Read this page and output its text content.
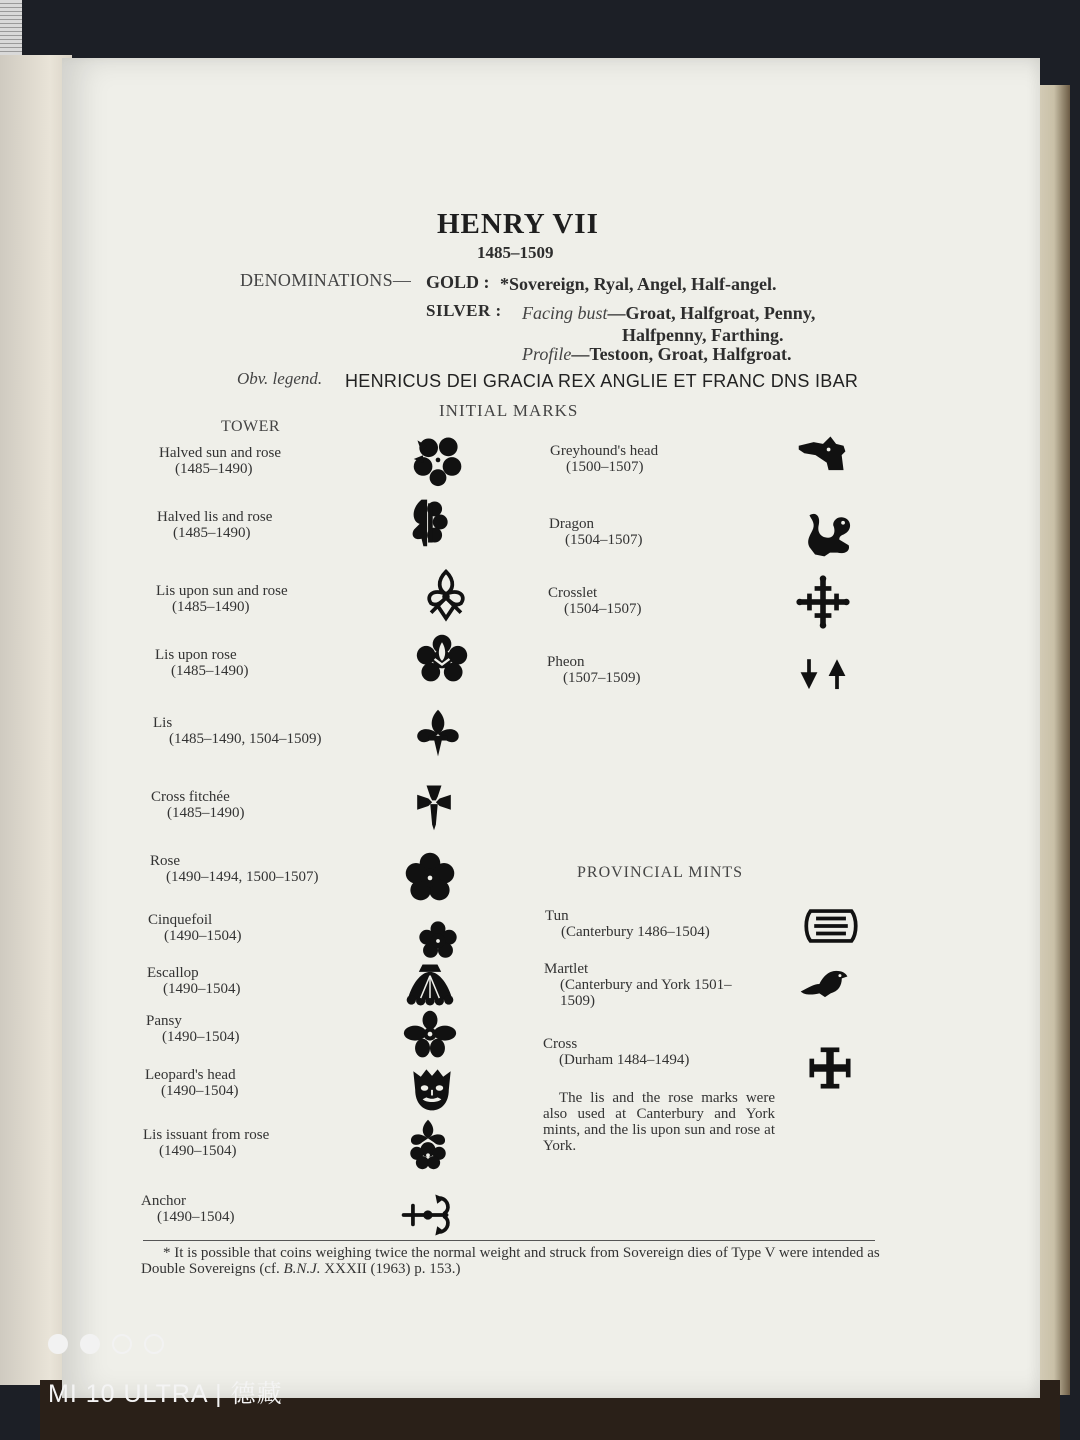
HENRY VII
1485–1509
DENOMINATIONS— GOLD : *Sovereign, Ryal, Angel, Half-angel.
SILVER : Facing bust—Groat, Halfgroat, Penny,
Halfpenny, Farthing.
Profile—Testoon, Groat, Halfgroat.
Obv. legend. HENRICUS DEI GRACIA REX ANGLIE ET FRANC DNS IBAR
INITIAL MARKS
TOWER
PROVINCIAL MINTS
Halved sun and rose
(1485–1490)
Halved lis and rose
(1485–1490)
Lis upon sun and rose
(1485–1490)
Lis upon rose
(1485–1490)
Lis
(1485–1490, 1504–1509)
Cross fitchée
(1485–1490)
Rose
(1490–1494, 1500–1507)
Cinquefoil
(1490–1504)
Escallop
(1490–1504)
Pansy
(1490–1504)
Leopard's head
(1490–1504)
Lis issuant from rose
(1490–1504)
Anchor
(1490–1504)
Greyhound's head
(1500–1507)
Dragon
(1504–1507)
Crosslet
(1504–1507)
Pheon
(1507–1509)
Tun
(Canterbury 1486–1504)
Martlet
(Canterbury and York 1501–
1509)
Cross
(Durham 1484–1494)
The lis and the rose marks were also used at Canterbury and York mints, and the lis upon sun and rose at York.
* It is possible that coins weighing twice the normal weight and struck from Sovereign dies of Type V were intended as Double Sovereigns (cf. B.N.J. XXXII (1963) p. 153.)
MI 10 ULTRA | 德藏
